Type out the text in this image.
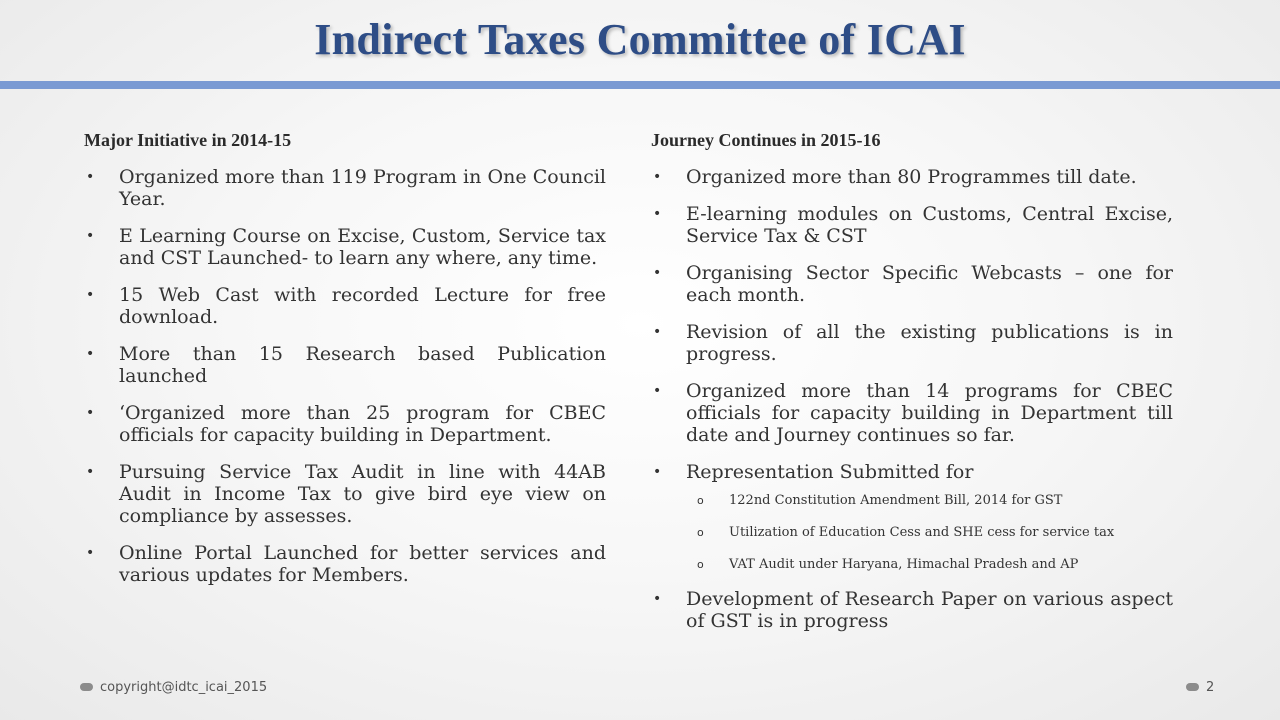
Indirect Taxes Committee of ICAI
Major Initiative in 2014-15
• Organized more than 119 Program in One Council Year.
• E Learning Course on Excise, Custom, Service tax and CST Launched- to learn any where, any time.
• 15 Web Cast with recorded Lecture for free download.
• More than 15 Research based Publication launched
• ‘Organized more than 25 program for CBEC officials for capacity building in Department.
• Pursuing Service Tax Audit in line with 44AB Audit in Income Tax to give bird eye view on compliance by assesses.
• Online Portal Launched for better services and various updates for Members.
Journey Continues in 2015-16
• Organized more than 80 Programmes till date.
• E-learning modules on Customs, Central Excise, Service Tax & CST
• Organising Sector Specific Webcasts – one for each month.
• Revision of all the existing publications is in progress.
• Organized more than 14 programs for CBEC officials for capacity building in Department till date and Journey continues so far.
• Representation Submitted for
o 122nd Constitution Amendment Bill, 2014 for GST
o Utilization of Education Cess and SHE cess for service tax
o VAT Audit under Haryana, Himachal Pradesh and AP
• Development of Research Paper on various aspect of GST is in progress
copyright@idtc_icai_2015	2
